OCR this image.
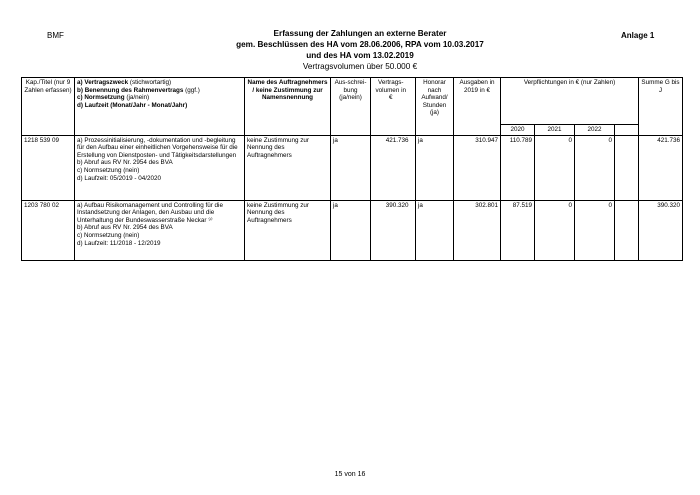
BMF	Anlage 1
Erfassung der Zahlungen an externe Berater
gem. Beschlüssen des HA vom 28.06.2006, RPA vom 10.03.2017
und des HA vom 13.02.2019
Vertragsvolumen über 50.000 €
Kap./Titel (nur 9 Zahlen erfassen)	a) Vertragszweck (stichwortartig)
b) Benennung des Rahmenvertrags (ggf.)
c) Normsetzung (ja/nein)
d) Laufzeit (Monat/Jahr - Monat/Jahr)	Name des Auftragnehmers / keine Zustimmung zur Namensnennung	Aus-schrei-bung (ja/nein)	Vertrags-volumen in €		Honorar nach Aufwand/ Stunden (ja)	Ausgaben in 2019 in €	Verpflichtungen in € (nur Zahlen)				Summe G bis J
								2020	2021	2022		
1218 539 09	a) Prozessinitialisierung, -dokumentation und -begleitung für den Aufbau einer einheitlichen Vorgehensweise für die Erstellung von Dienstposten- und Tätigkeitsdarstellungen
b) Abruf aus RV Nr. 2954 des BVA
c) Normsetzung (nein)
d) Laufzeit: 05/2019 - 04/2020	keine Zustimmung zur Nennung des Auftragnehmers	ja	421.736		ja	310.947	110.789	0	0		421.736
1203 780 02	a) Aufbau Risikomanagement und Controlling für die Instandsetzung der Anlagen, den Ausbau und die Unterhaltung der Bundeswasserstraße Neckar ⁹⁾
b) Abruf aus RV Nr. 2954 des BVA
c) Normsetzung (nein)
d) Laufzeit: 11/2018 - 12/2019	keine Zustimmung zur Nennung des Auftragnehmers	ja	390.320		ja	302.801	87.519	0	0		390.320
15 von 16
